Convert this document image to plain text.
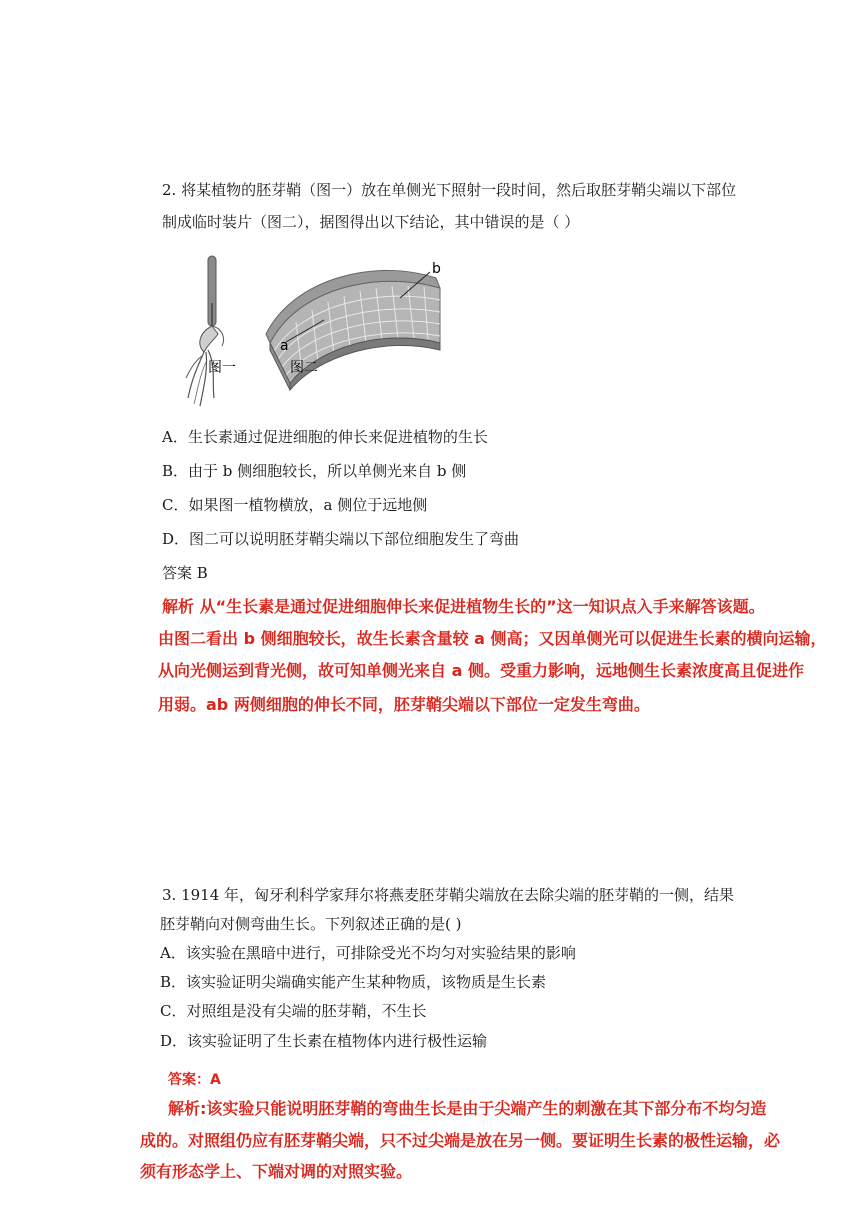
2. 将某植物的胚芽鞘（图一）放在单侧光下照射一段时间，然后取胚芽鞘尖端以下部位
制成临时装片（图二），据图得出以下结论，其中错误的是（ ）
b
a
图一	图二
A．生长素通过促进细胞的伸长来促进植物的生长
B．由于 b 侧细胞较长，所以单侧光来自 b 侧
C．如果图一植物横放，a 侧位于远地侧
D．图二可以说明胚芽鞘尖端以下部位细胞发生了弯曲
答案 B
解析 从“生长素是通过促进细胞伸长来促进植物生长的”这一知识点入手来解答该题。
由图二看出 b 侧细胞较长，故生长素含量较 a 侧高；又因单侧光可以促进生长素的横向运输，
从向光侧运到背光侧，故可知单侧光来自 a 侧。受重力影响，远地侧生长素浓度高且促进作
用弱。ab 两侧细胞的伸长不同，胚芽鞘尖端以下部位一定发生弯曲。
3. 1914 年，匈牙利科学家拜尔将燕麦胚芽鞘尖端放在去除尖端的胚芽鞘的一侧，结果
胚芽鞘向对侧弯曲生长。下列叙述正确的是( )
A．该实验在黑暗中进行，可排除受光不均匀对实验结果的影响
B．该实验证明尖端确实能产生某种物质，该物质是生长素
C．对照组是没有尖端的胚芽鞘，不生长
D．该实验证明了生长素在植物体内进行极性运输
答案：A
解析:该实验只能说明胚芽鞘的弯曲生长是由于尖端产生的刺激在其下部分布不均匀造
成的。对照组仍应有胚芽鞘尖端，只不过尖端是放在另一侧。要证明生长素的极性运输，必
须有形态学上、下端对调的对照实验。
